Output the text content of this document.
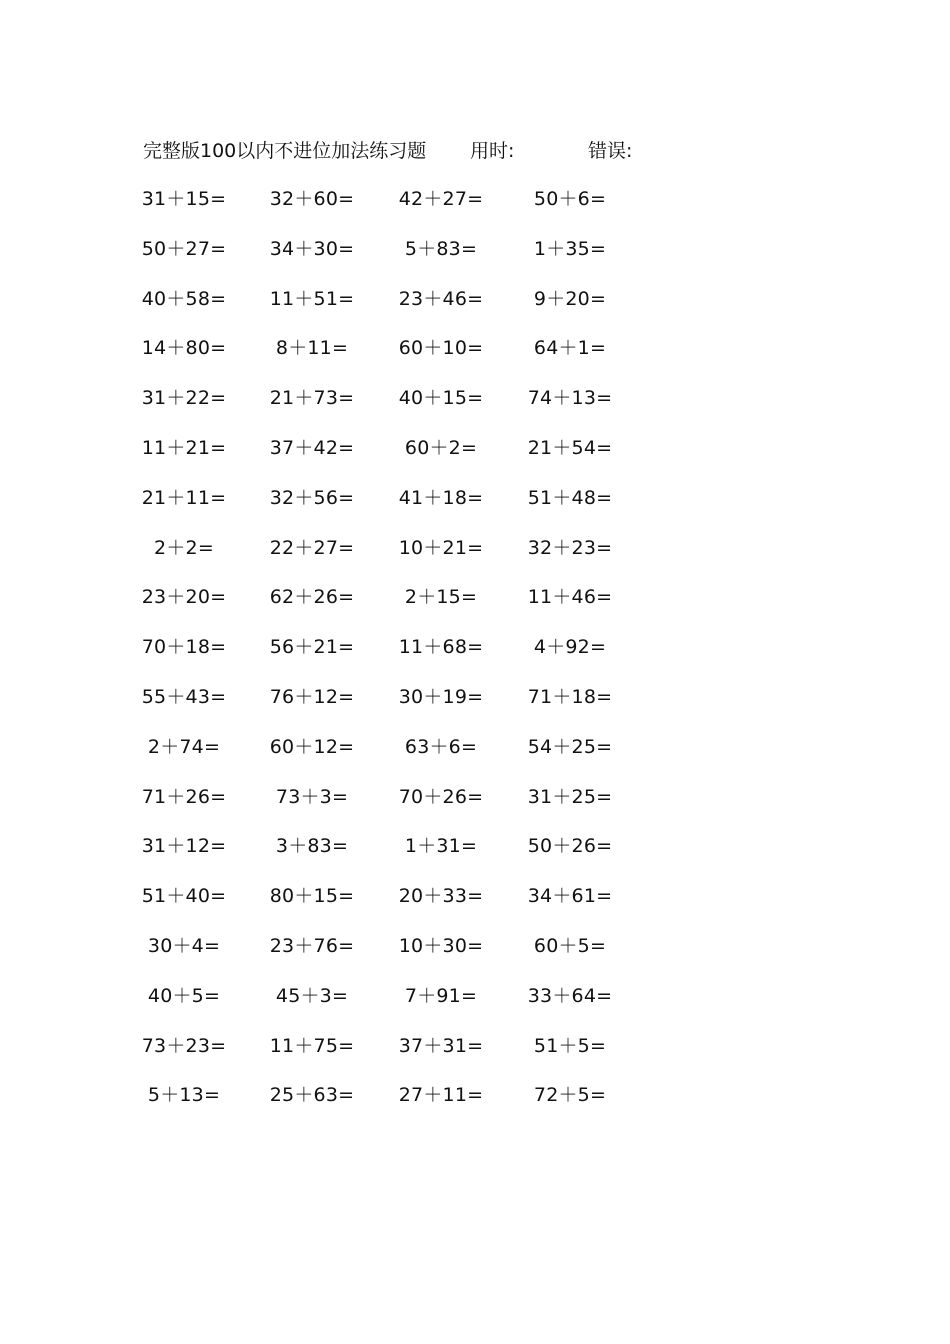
完整版100以内不进位加法练习题 用时:	错误:
31＋15=	32＋60=	42＋27=	50＋6=
50＋27=	34＋30=	5＋83=	1＋35=
40＋58=	11＋51=	23＋46=	9＋20=
14＋80=	8＋11=	60＋10=	64＋1=
31＋22=	21＋73=	40＋15=	74＋13=
11＋21=	37＋42=	60＋2=	21＋54=
21＋11=	32＋56=	41＋18=	51＋48=
2＋2=	22＋27=	10＋21=	32＋23=
23＋20=	62＋26=	2＋15=	11＋46=
70＋18=	56＋21=	11＋68=	4＋92=
55＋43=	76＋12=	30＋19=	71＋18=
2＋74=	60＋12=	63＋6=	54＋25=
71＋26=	73＋3=	70＋26=	31＋25=
31＋12=	3＋83=	1＋31=	50＋26=
51＋40=	80＋15=	20＋33=	34＋61=
30＋4=	23＋76=	10＋30=	60＋5=
40＋5=	45＋3=	7＋91=	33＋64=
73＋23=	11＋75=	37＋31=	51＋5=
5＋13=	25＋63=	27＋11=	72＋5=
